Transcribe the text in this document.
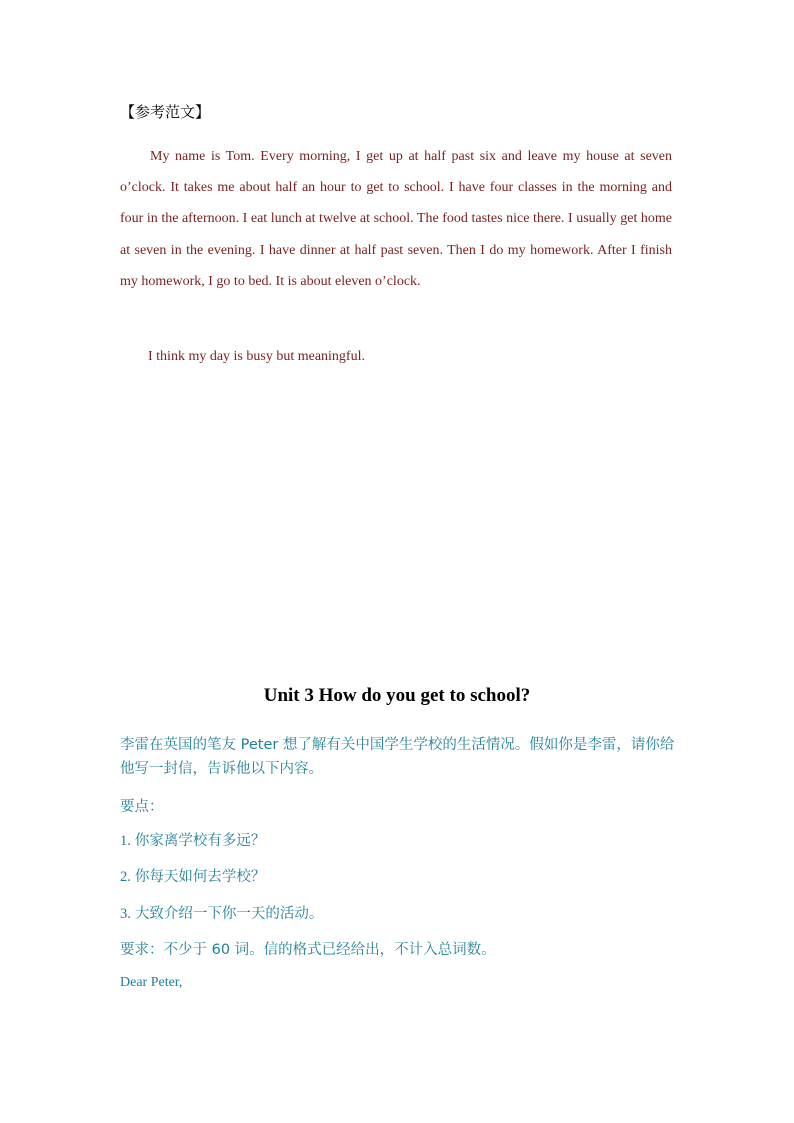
【参考范文】

My name is Tom. Every morning, I get up at half past six and leave my house at seven o’clock. It takes me about half an hour to get to school. I have four classes in the morning and four in the afternoon. I eat lunch at twelve at school. The food tastes nice there. I usually get home at seven in the evening. I have dinner at half past seven. Then I do my homework. After I finish my homework, I go to bed. It is about eleven o’clock.

I think my day is busy but meaningful.

Unit 3 How do you get to school?

李雷在英国的笔友 Peter 想了解有关中国学生学校的生活情况。假如你是李雷，请你给他写一封信，告诉他以下内容。

要点：

1. 你家离学校有多远？

2. 你每天如何去学校？

3. 大致介绍一下你一天的活动。

要求：不少于 60 词。信的格式已经给出，不计入总词数。

Dear Peter,
